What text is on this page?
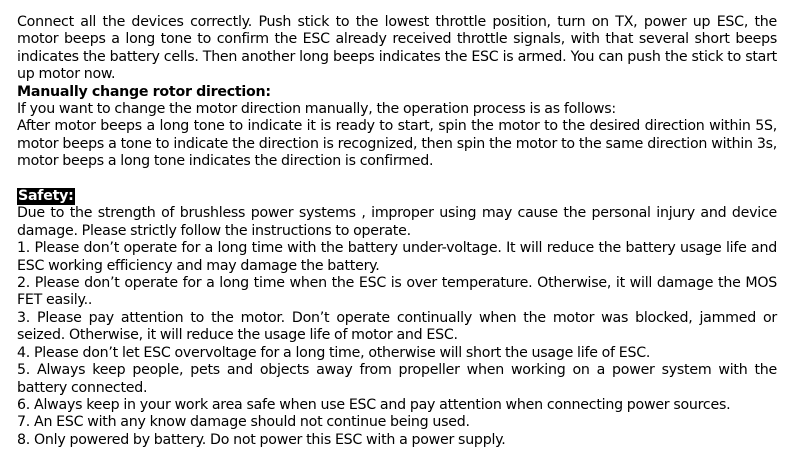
Connect all the devices correctly. Push stick to the lowest throttle position, turn on TX, power up ESC, the motor beeps a long tone to confirm the ESC already received throttle signals, with that several short beeps indicates the battery cells. Then another long beeps indicates the ESC is armed. You can push the stick to start up motor now.

Manually change rotor direction:

If you want to change the motor direction manually, the operation process is as follows:

After motor beeps a long tone to indicate it is ready to start, spin the motor to the desired direction within 5S, motor beeps a tone to indicate the direction is recognized, then spin the motor to the same direction within 3s, motor beeps a long tone indicates the direction is confirmed.

Safety:

Due to the strength of brushless power systems , improper using may cause the personal injury and device damage. Please strictly follow the instructions to operate.

1. Please don’t operate for a long time with the battery under-voltage. It will reduce the battery usage life and ESC working efficiency and may damage the battery.

2. Please don’t operate for a long time when the ESC is over temperature. Otherwise, it will damage the MOS FET easily..

3. Please pay attention to the motor. Don’t operate continually when the motor was blocked, jammed or seized. Otherwise, it will reduce the usage life of motor and ESC.

4. Please don’t let ESC overvoltage for a long time, otherwise will short the usage life of ESC.

5. Always keep people, pets and objects away from propeller when working on a power system with the battery connected.

6. Always keep in your work area safe when use ESC and pay attention when connecting power sources.

7. An ESC with any know damage should not continue being used.

8. Only powered by battery. Do not power this ESC with a power supply.
